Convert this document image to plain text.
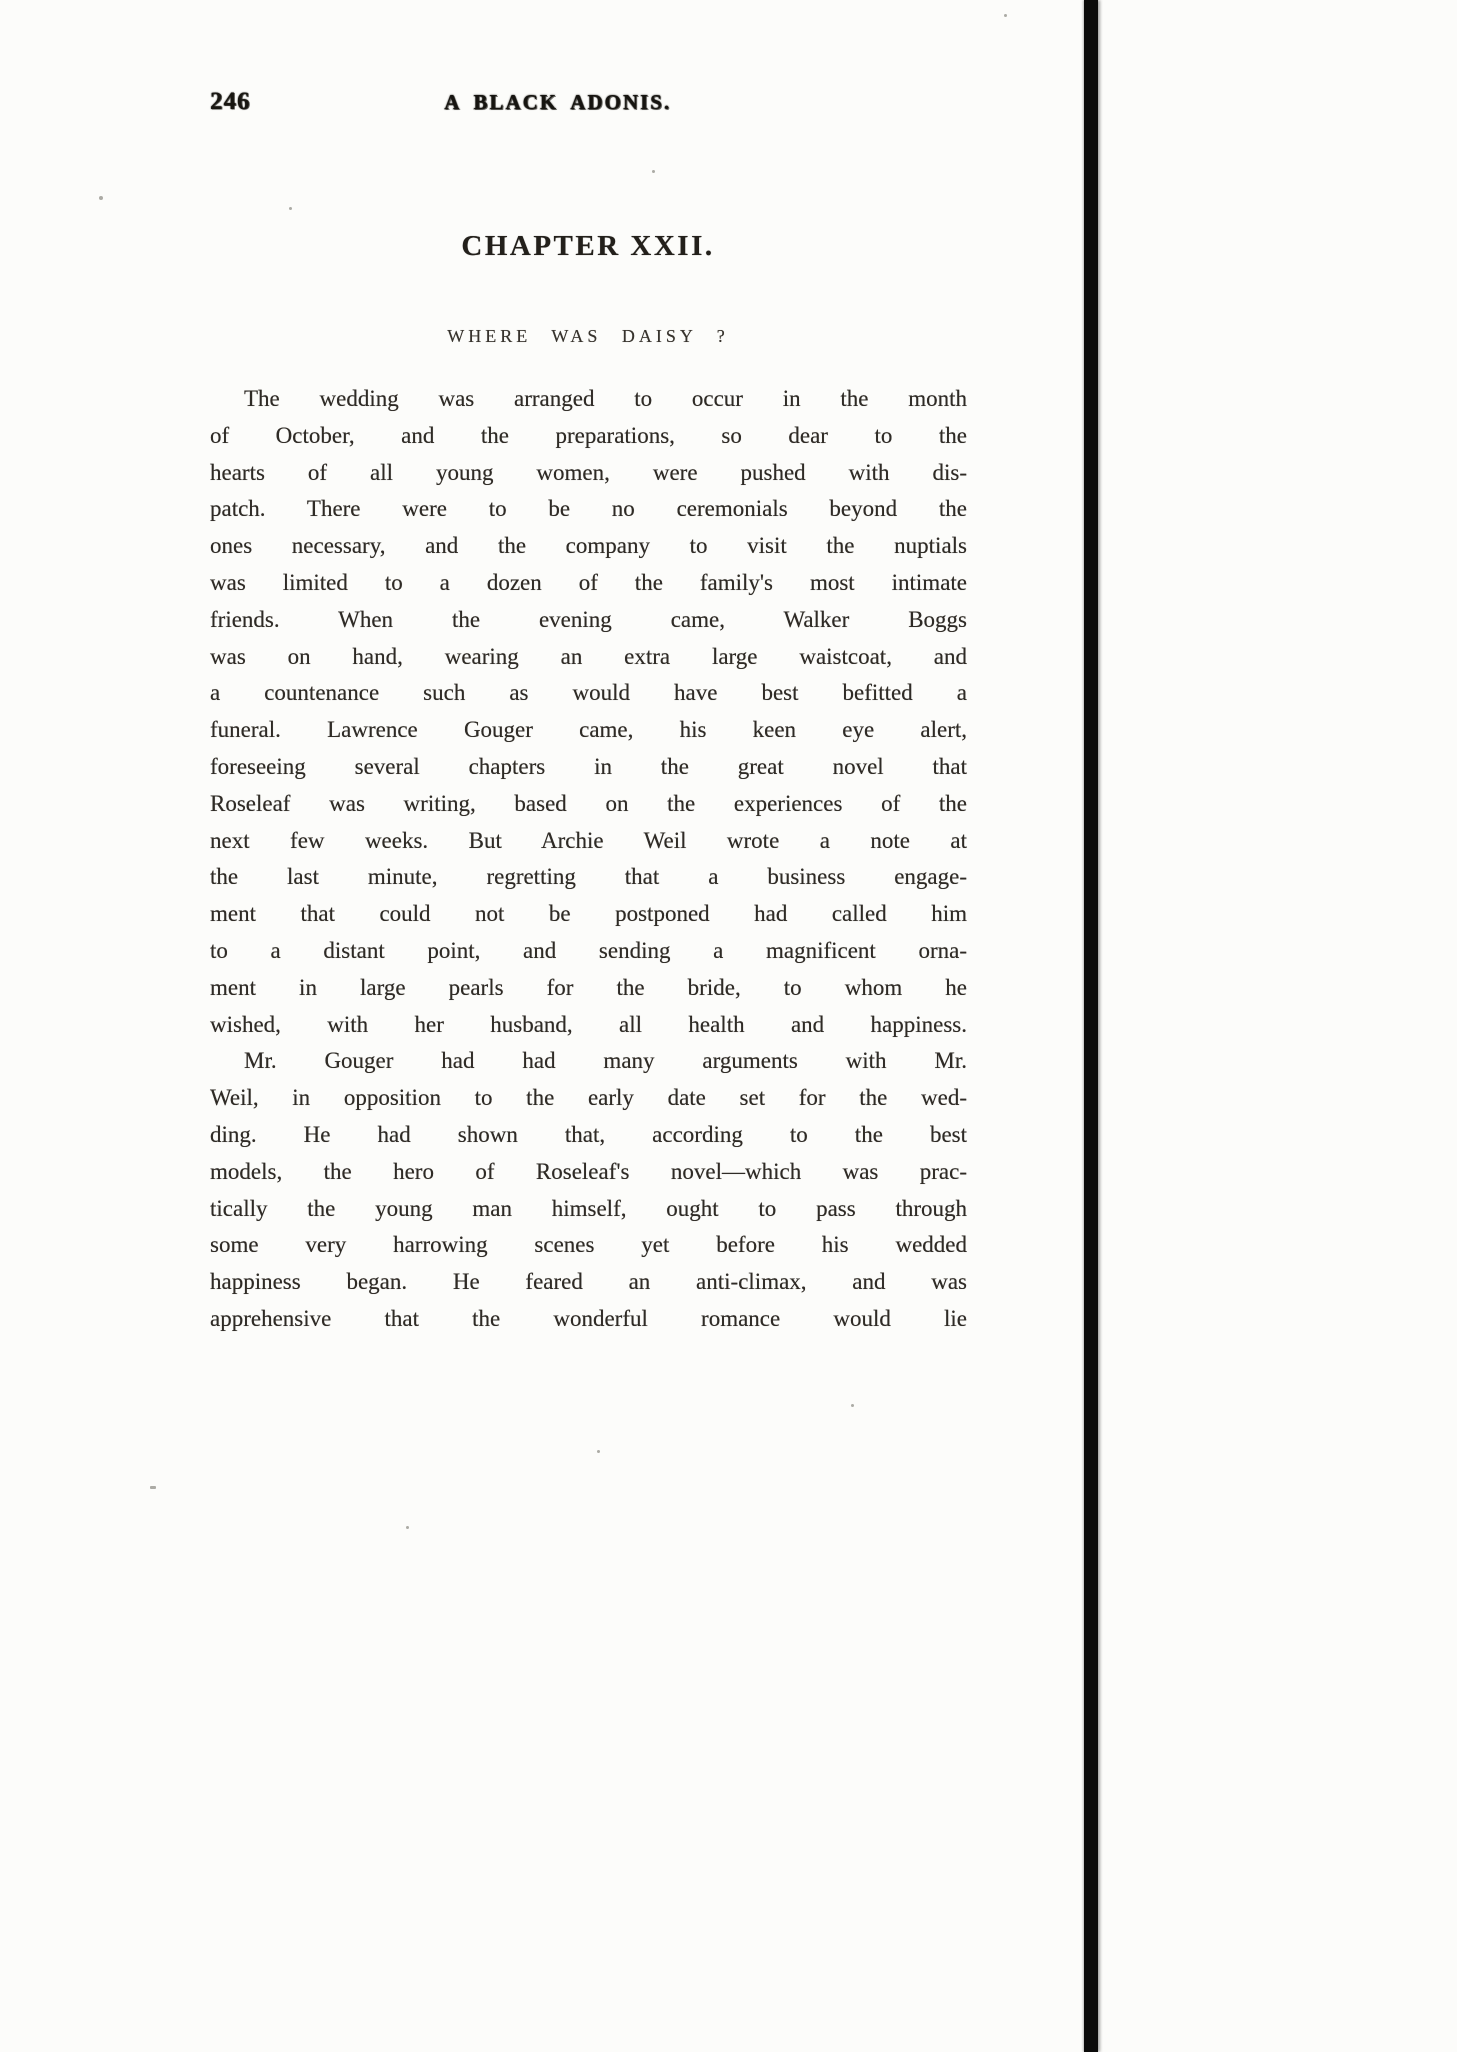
246	A BLACK ADONIS.
CHAPTER XXII.
WHERE WAS DAISY ?
The wedding was arranged to occur in the month
of October, and the preparations, so dear to the
hearts of all young women, were pushed with dis-
patch. There were to be no ceremonials beyond the
ones necessary, and the company to visit the nuptials
was limited to a dozen of the family's most intimate
friends. When the evening came, Walker Boggs
was on hand, wearing an extra large waistcoat, and
a countenance such as would have best befitted a
funeral. Lawrence Gouger came, his keen eye alert,
foreseeing several chapters in the great novel that
Roseleaf was writing, based on the experiences of the
next few weeks. But Archie Weil wrote a note at
the last minute, regretting that a business engage-
ment that could not be postponed had called him
to a distant point, and sending a magnificent orna-
ment in large pearls for the bride, to whom he
wished, with her husband, all health and happiness.
Mr. Gouger had had many arguments with Mr.
Weil, in opposition to the early date set for the wed-
ding. He had shown that, according to the best
models, the hero of Roseleaf's novel—which was prac-
tically the young man himself, ought to pass through
some very harrowing scenes yet before his wedded
happiness began. He feared an anti-climax, and was
apprehensive that the wonderful romance would lie
